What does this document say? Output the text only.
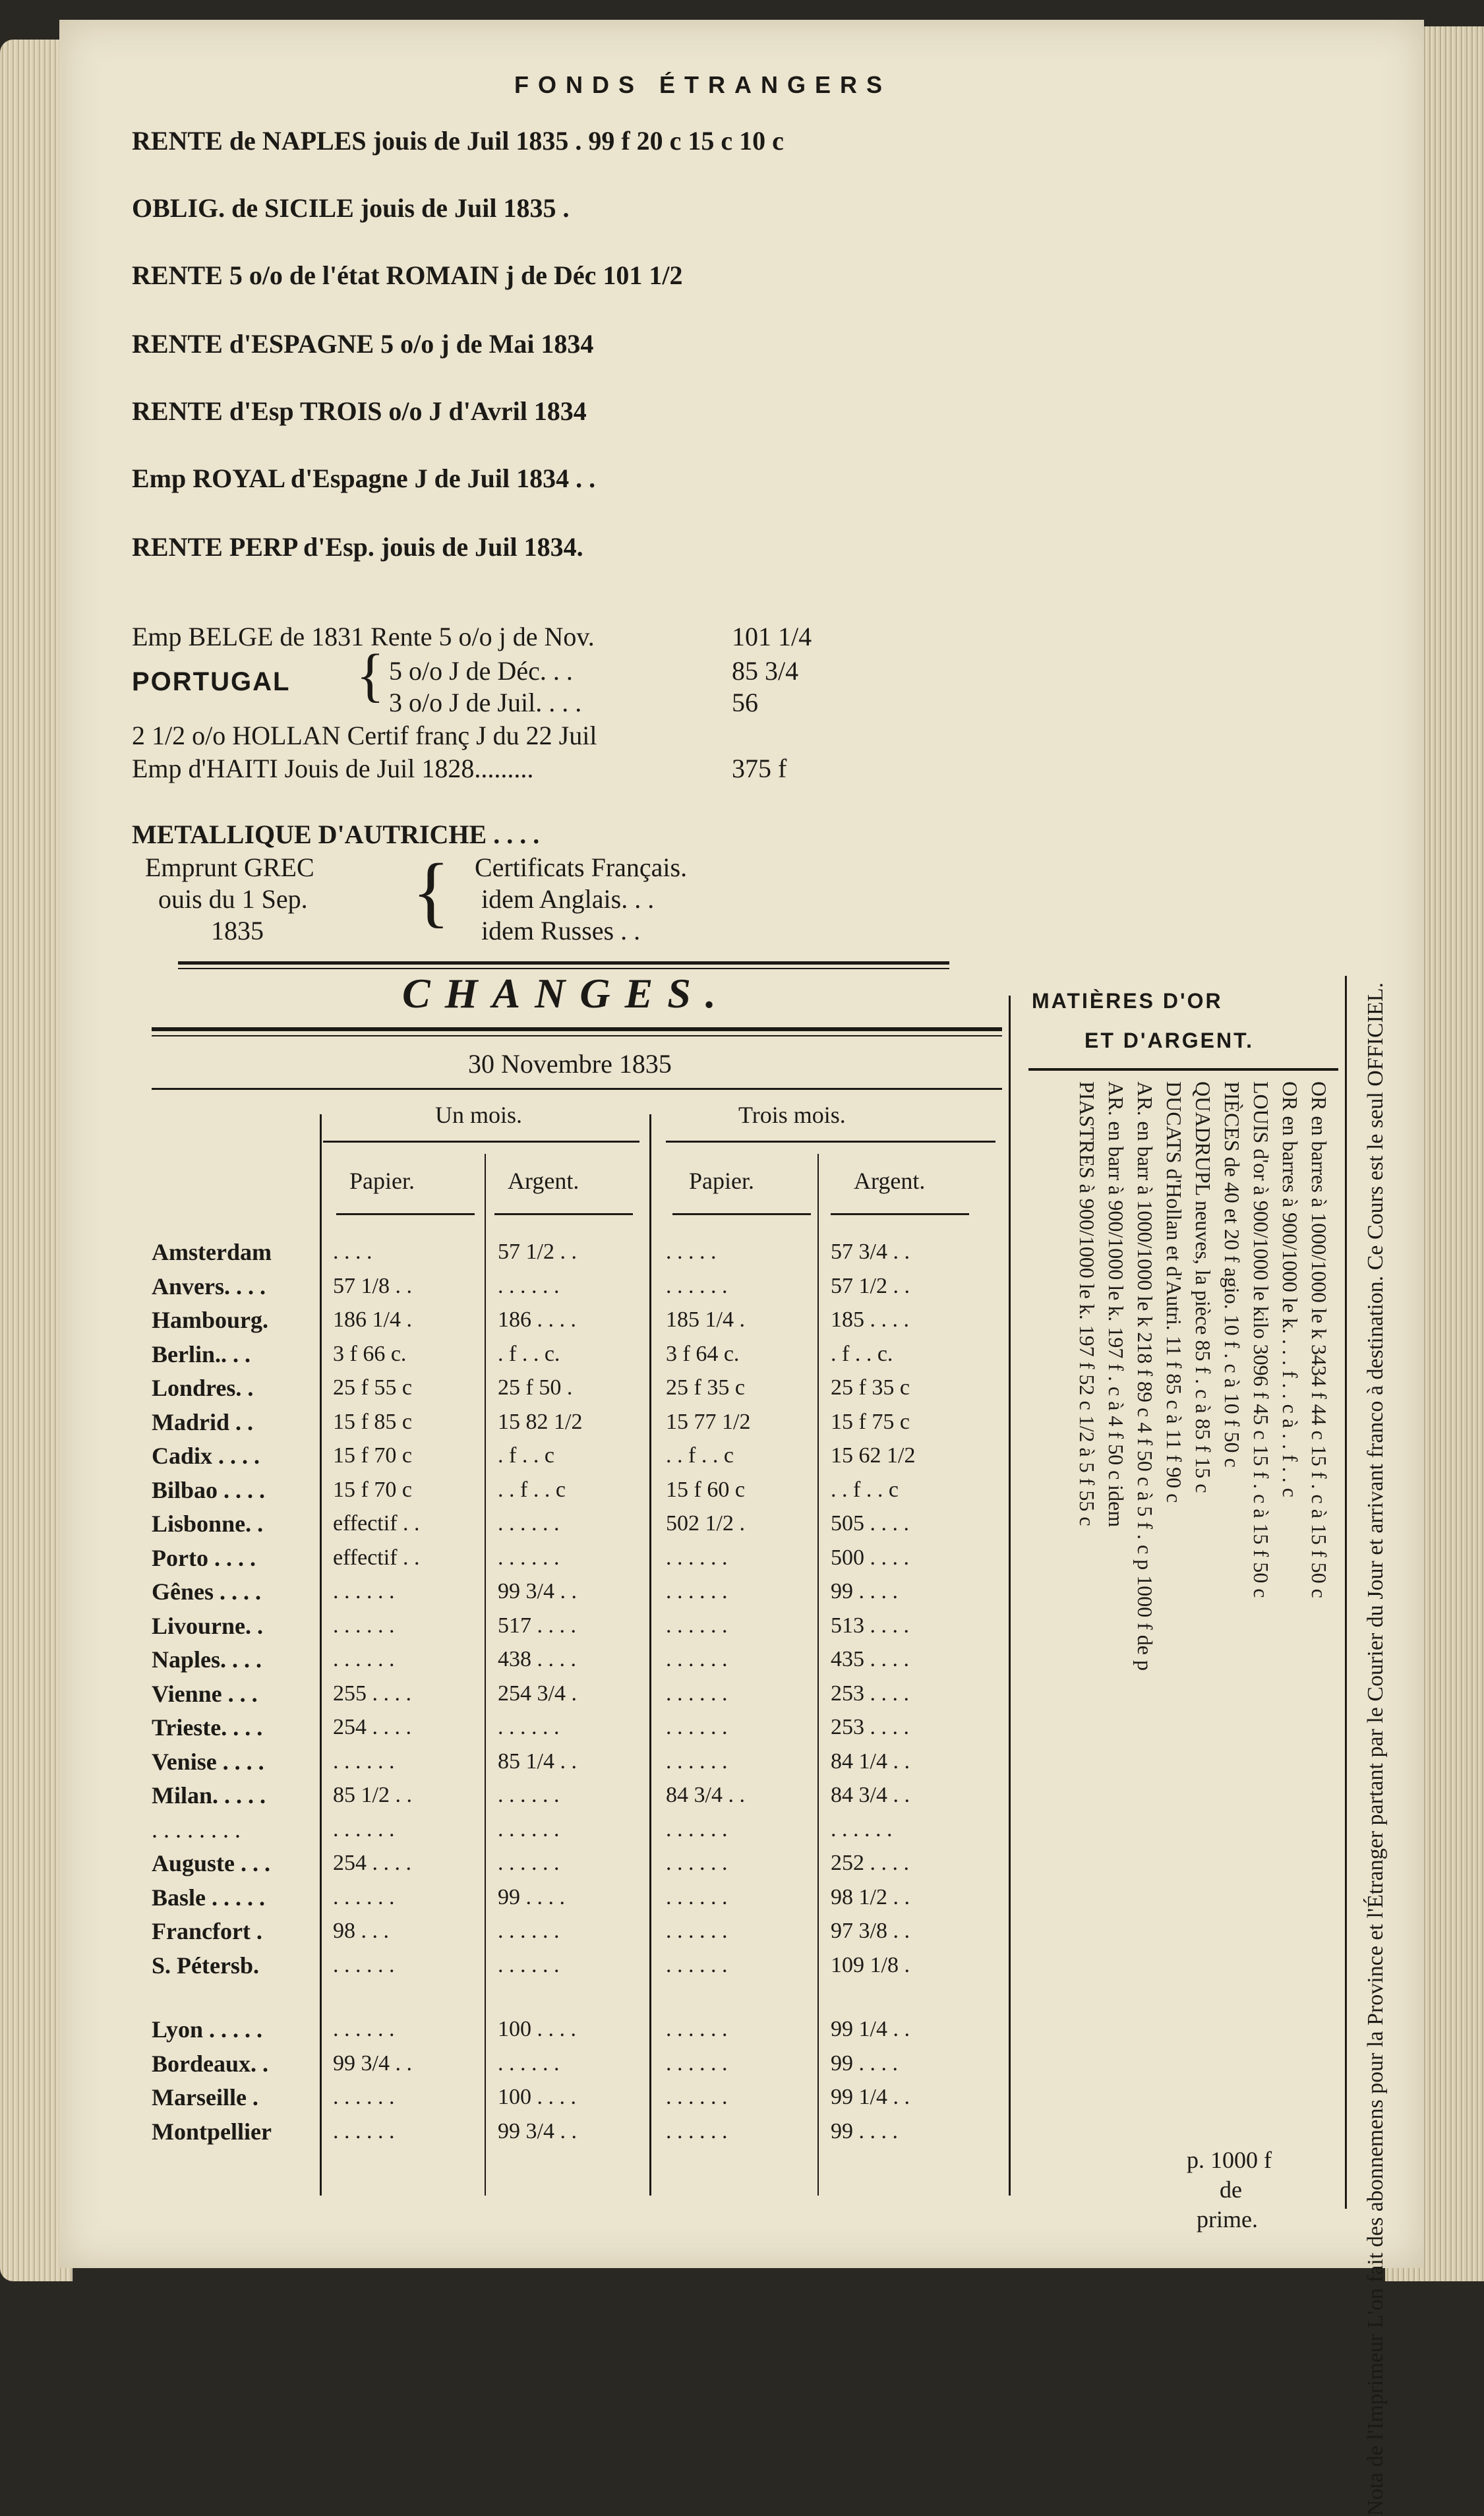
FONDS ÉTRANGERS
RENTE de NAPLES jouis de Juil 1835 . 99 f 20 c 15 c 10 c
OBLIG. de SICILE jouis de Juil 1835 .
RENTE 5 o/o de l'état ROMAIN j de Déc 101 1/2
RENTE d'ESPAGNE 5 o/o j de Mai 1834
RENTE d'Esp TROIS o/o J d'Avril 1834
Emp ROYAL d'Espagne J de Juil 1834 . .
RENTE PERP d'Esp. jouis de Juil 1834.
Emp BELGE de 1831 Rente 5 o/o j de Nov.	101 1/4
PORTUGAL { 5 o/o J de Déc. . .	85 3/4
3 o/o J de Juil. . . .	56
2 1/2 o/o HOLLAN Certif franç J du 22 Juil
Emp d'HAITI Jouis de Juil 1828.........	375 f
METALLIQUE D'AUTRICHE . . . .
Emprunt GREC
ouis du 1 Sep.
1835 { Certificats Français.
idem Anglais. . .
idem Russes . .
CHANGES.
30 Novembre 1835
Un mois.	Trois mois.
Papier.	Argent.	Papier.	Argent.
Amsterdam	. . . .	57 1/2 . .	. . . . .	57 3/4 . .
Anvers. . . .	57 1/8 . .	. . . . . .	. . . . . .	57 1/2 . .
Hambourg.	186 1/4 .	186 . . . .	185 1/4 .	185 . . . .
Berlin.. . .	3 f 66 c.	. f . . c.	3 f 64 c.	. f . . c.
Londres. .	25 f 55 c	25 f 50 .	25 f 35 c	25 f 35 c
Madrid . .	15 f 85 c	15 82 1/2	15 77 1/2	15 f 75 c
Cadix . . . .	15 f 70 c	. f . . c	. . f . . c	15 62 1/2
Bilbao . . . .	15 f 70 c	. . f . . c	15 f 60 c	. . f . . c
Lisbonne. .	effectif . .	. . . . . .	502 1/2 .	505 . . . .
Porto . . . .	effectif . .	. . . . . .	. . . . . .	500 . . . .
Gênes . . . .	. . . . . .	99 3/4 . .	. . . . . .	99 . . . .
Livourne. .	. . . . . .	517 . . . .	. . . . . .	513 . . . .
Naples. . . .	. . . . . .	438 . . . .	. . . . . .	435 . . . .
Vienne . . .	255 . . . .	254 3/4 .	. . . . . .	253 . . . .
Trieste. . . .	254 . . . .	. . . . . .	. . . . . .	253 . . . .
Venise . . . .	. . . . . .	85 1/4 . .	. . . . . .	84 1/4 . .
Milan. . . . .	85 1/2 . .	. . . . . .	84 3/4 . .	84 3/4 . .
. . . . . . . .	. . . . . .	. . . . . .	. . . . . .	. . . . . .
Auguste . . .	254 . . . .	. . . . . .	. . . . . .	252 . . . .
Basle . . . . .	. . . . . .	99 . . . .	. . . . . .	98 1/2 . .
Francfort .	98 . . .	. . . . . .	. . . . . .	97 3/8 . .
S. Pétersb.	. . . . . .	. . . . . .	. . . . . .	109 1/8 .
Lyon . . . . .	. . . . . .	100 . . . .	. . . . . .	99 1/4 . .
Bordeaux. .	99 3/4 . .	. . . . . .	. . . . . .	99 . . . .
Marseille .	. . . . . .	100 . . . .	. . . . . .	99 1/4 . .
Montpellier	. . . . . .	99 3/4 . .	. . . . . .	99 . . . .
MATIÈRES D'OR
ET D'ARGENT.
OR en barres à 1000/1000 le k 3434 f 44 c 15 f . c à 15 f 50 c
OR en barres à 900/1000 le k. . . . f . . c à . . f . . c
LOUIS d'or à 900/1000 le kilo 3096 f 45 c 15 f . c à 15 f 50 c
PIÈCES de 40 et 20 f agio. 10 f . c à 10 f 50 c
QUADRUPL neuves, la pièce 85 f . c à 85 f 15 c
DUCATS d'Hollan et d'Autri. 11 f 85 c à 11 f 90 c
AR. en barr à 1000/1000 le k 218 f 89 c 4 f 50 c à 5 f . c p 1000 f de p
AR. en barr à 900/1000 le k. 197 f . c à 4 f 50 c idem
PIASTRES à 900/1000 le k. 197 f 52 c 1/2 à 5 f 55 c
p. 1000 f
de
prime.	Nota de l'Imprimeur L'on fait des abonnemens pour la Province et l'Étranger partant par le Courier du Jour et arrivant franco à destination. Ce Cours est le seul OFFICIEL.
